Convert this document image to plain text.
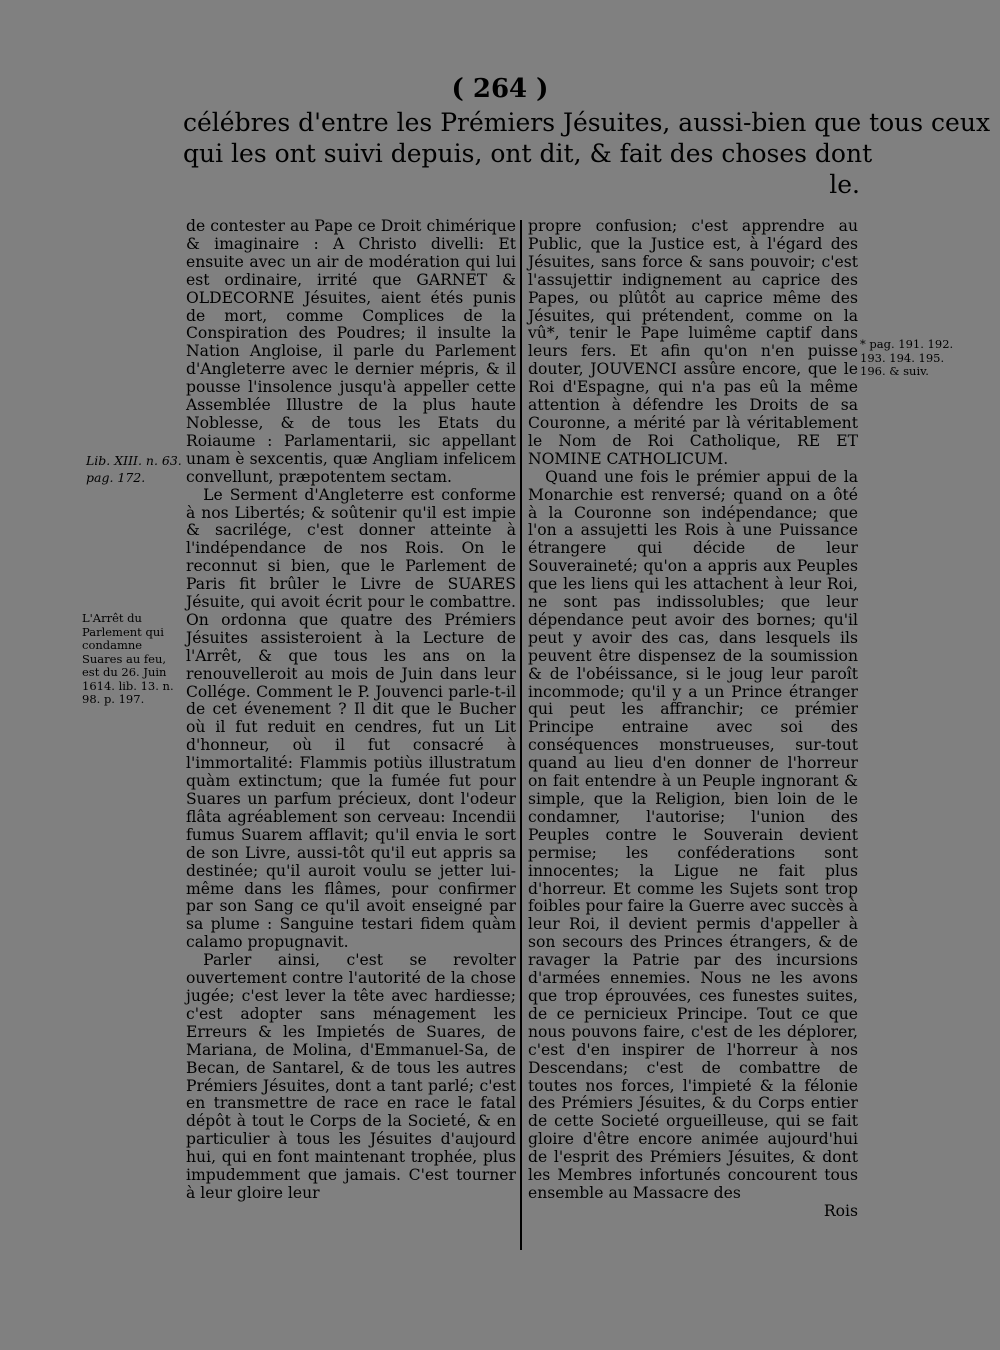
( 264 )
célébres d'entre les Prémiers Jésuites, aussi-bien que tous ceux
qui les ont suivi depuis, ont dit, & fait des choses dont
le.
Lib. XIII. n. 63. pag. 172.
L'Arrêt du Parlement qui condamne Suares au feu, est du 26. Juin 1614. lib. 13. n. 98. p. 197.
* pag. 191. 192. 193. 194. 195. 196. & suiv.

de contester au Pape ce Droit chimérique & imaginaire : A Christo divelli: Et ensuite avec un air de modération qui lui est ordinaire, irrité que GARNET & OLDECORNE Jésuites, aient étés punis de mort, comme Complices de la Conspiration des Poudres; il insulte la Nation Angloise, il parle du Parlement d'Angleterre avec le dernier mépris, & il pousse l'insolence jusqu'à appeller cette Assemblée Illustre de la plus haute Noblesse, & de tous les Etats du Roiaume : Parlamentarii, sic appellant unam è sexcentis, quæ Angliam infelicem convellunt, præpotentem sectam.

Le Serment d'Angleterre est conforme à nos Libertés; & soûtenir qu'il est impie & sacrilége, c'est donner atteinte à l'indépendance de nos Rois. On le reconnut si bien, que le Parlement de Paris fit brûler le Livre de SUARES Jésuite, qui avoit écrit pour le combattre. On ordonna que quatre des Prémiers Jésuites assisteroient à la Lecture de l'Arrêt, & que tous les ans on la renouvelleroit au mois de Juin dans leur Collége. Comment le P. Jouvenci parle-t-il de cet évenement ? Il dit que le Bucher où il fut reduit en cendres, fut un Lit d'honneur, où il fut consacré à l'immortalité: Flammis potiùs illustratum quàm extinctum; que la fumée fut pour Suares un parfum précieux, dont l'odeur flâta agréablement son cerveau: Incendii fumus Suarem afflavit; qu'il envia le sort de son Livre, aussi-tôt qu'il eut appris sa destinée; qu'il auroit voulu se jetter lui-même dans les flâmes, pour confirmer par son Sang ce qu'il avoit enseigné par sa plume : Sanguine testari fidem quàm calamo propugnavit.

Parler ainsi, c'est se revolter ouvertement contre l'autorité de la chose jugée; c'est lever la tête avec hardiesse; c'est adopter sans ménagement les Erreurs & les Impietés de Suares, de Mariana, de Molina, d'Emmanuel-Sa, de Becan, de Santarel, & de tous les autres Prémiers Jésuites, dont a tant parlé; c'est en transmettre de race en race le fatal dépôt à tout le Corps de la Societé, & en particulier à tous les Jésuites d'aujourd hui, qui en font maintenant trophée, plus impudemment que jamais. C'est tourner à leur gloire leur

propre confusion; c'est apprendre au Public, que la Justice est, à l'égard des Jésuites, sans force & sans pouvoir; c'est l'assujettir indignement au caprice des Papes, ou plûtôt au caprice même des Jésuites, qui prétendent, comme on la vû*, tenir le Pape luimême captif dans leurs fers. Et afin qu'on n'en puisse douter, JOUVENCI assûre encore, que le Roi d'Espagne, qui n'a pas eû la même attention à défendre les Droits de sa Couronne, a mérité par là véritablement le Nom de Roi Catholique, RE ET NOMINE CATHOLICUM.

Quand une fois le prémier appui de la Monarchie est renversé; quand on a ôté à la Couronne son indépendance; que l'on a assujetti les Rois à une Puissance étrangere qui décide de leur Souveraineté; qu'on a appris aux Peuples que les liens qui les attachent à leur Roi, ne sont pas indissolubles; que leur dépendance peut avoir des bornes; qu'il peut y avoir des cas, dans lesquels ils peuvent être dispensez de la soumission & de l'obéissance, si le joug leur paroît incommode; qu'il y a un Prince étranger qui peut les affranchir; ce prémier Principe entraine avec soi des conséquences monstrueuses, sur-tout quand au lieu d'en donner de l'horreur on fait entendre à un Peuple ingnorant & simple, que la Religion, bien loin de le condamner, l'autorise; l'union des Peuples contre le Souverain devient permise; les conféderations sont innocentes; la Ligue ne fait plus d'horreur. Et comme les Sujets sont trop foibles pour faire la Guerre avec succès à leur Roi, il devient permis d'appeller à son secours des Princes étrangers, & de ravager la Patrie par des incursions d'armées ennemies. Nous ne les avons que trop éprouvées, ces funestes suites, de ce pernicieux Principe. Tout ce que nous pouvons faire, c'est de les déplorer, c'est d'en inspirer de l'horreur à nos Descendans; c'est de combattre de toutes nos forces, l'impieté & la félonie des Prémiers Jésuites, & du Corps entier de cette Societé orgueilleuse, qui se fait gloire d'être encore animée aujourd'hui de l'esprit des Prémiers Jésuites, & dont les Membres infortunés concourent tous ensemble au Massacre des

Rois
